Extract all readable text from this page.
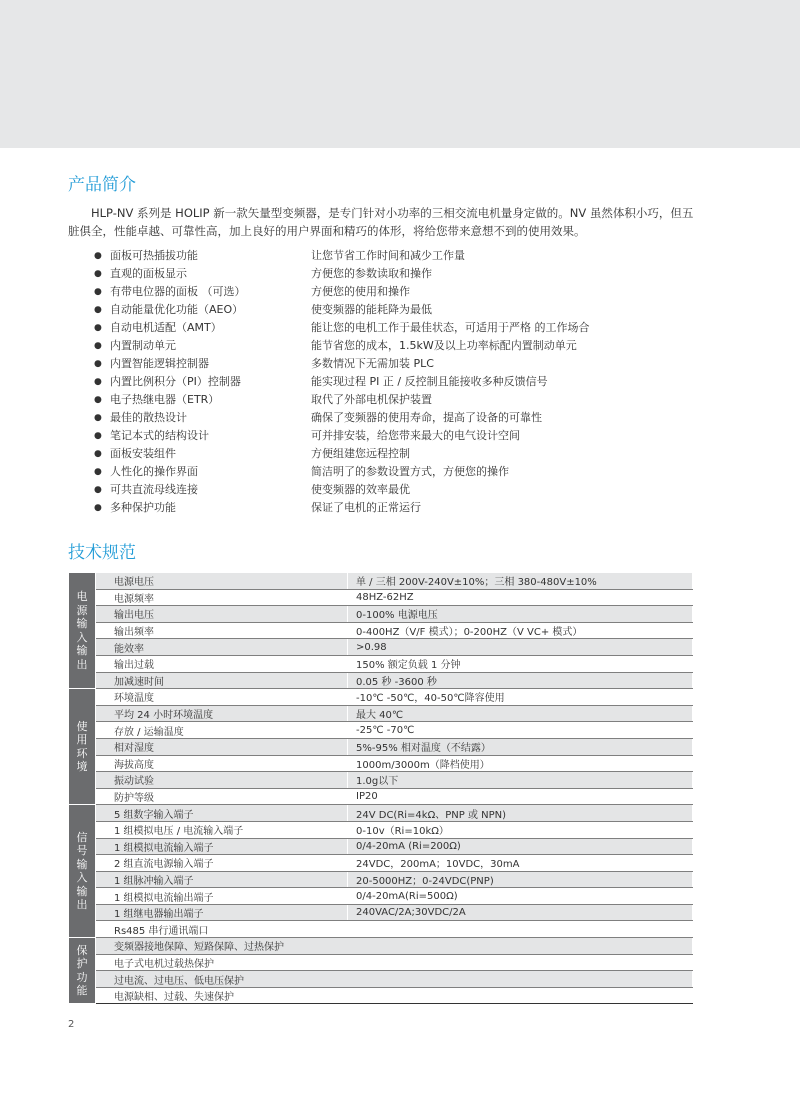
产品简介

HLP-NV 系列是 HOLIP 新一款矢量型变频器，是专门针对小功率的三相交流电机量身定做的。NV 虽然体积小巧，但五脏俱全，性能卓越、可靠性高，加上良好的用户界面和精巧的体形，将给您带来意想不到的使用效果。

● 面板可热插拔功能	让您节省工作时间和减少工作量
● 直观的面板显示	方便您的参数读取和操作
● 有带电位器的面板 （可选）	方便您的使用和操作
● 自动能量优化功能（AEO）	使变频器的能耗降为最低
● 自动电机适配（AMT）	能让您的电机工作于最佳状态，可适用于严格 的工作场合
● 内置制动单元	能节省您的成本，1.5kW及以上功率标配内置制动单元
● 内置智能逻辑控制器	多数情况下无需加装 PLC
● 内置比例积分（PI）控制器	能实现过程 PI 正 / 反控制且能接收多种反馈信号
● 电子热继电器（ETR）	取代了外部电机保护装置
● 最佳的散热设计	确保了变频器的使用寿命，提高了设备的可靠性
● 笔记本式的结构设计	可并排安装，给您带来最大的电气设计空间
● 面板安装组件	方便组建您远程控制
● 人性化的操作界面	简洁明了的参数设置方式，方便您的操作
● 可共直流母线连接	使变频器的效率最优
● 多种保护功能	保证了电机的正常运行
技术规范
电源输入输出	电源电压	单 / 三相 200V-240V±10%；三相 380-480V±10%
	电源频率	48HZ-62HZ
	输出电压	0-100% 电源电压
	输出频率	0-400HZ（V/F 模式）；0-200HZ（V VC+ 模式）
	能效率	>0.98
	输出过载	150% 额定负载 1 分钟
	加减速时间	0.05 秒 -3600 秒

使用环境	环境温度	-10℃ -50℃，40-50℃降容使用
	平均 24 小时环境温度	最大 40℃
	存放 / 运输温度	-25℃ -70℃
	相对湿度	5%-95% 相对温度（不结露）
	海拔高度	1000m/3000m（降档使用）
	振动试验	1.0g以下
	防护等级	IP20

信号输入输出	5 组数字输入端子	24V DC(Ri=4kΩ、PNP 或 NPN)
	1 组模拟电压 / 电流输入端子	0-10v（Ri=10kΩ）
	1 组模拟电流输入端子	0/4-20mA (Ri=200Ω)
	2 组直流电源输入端子	24VDC，200mA；10VDC，30mA
	1 组脉冲输入端子	20-5000HZ；0-24VDC(PNP)
	1 组模拟电流输出端子	0/4-20mA(Ri=500Ω)
	1 组继电器输出端子	240VAC/2A;30VDC/2A
	Rs485 串行通讯端口	

保护功能	变频器接地保障、短路保障、过热保护	
	电子式电机过载热保护	
	过电流、过电压、低电压保护	
	电源缺相、过载、失速保护	
2
